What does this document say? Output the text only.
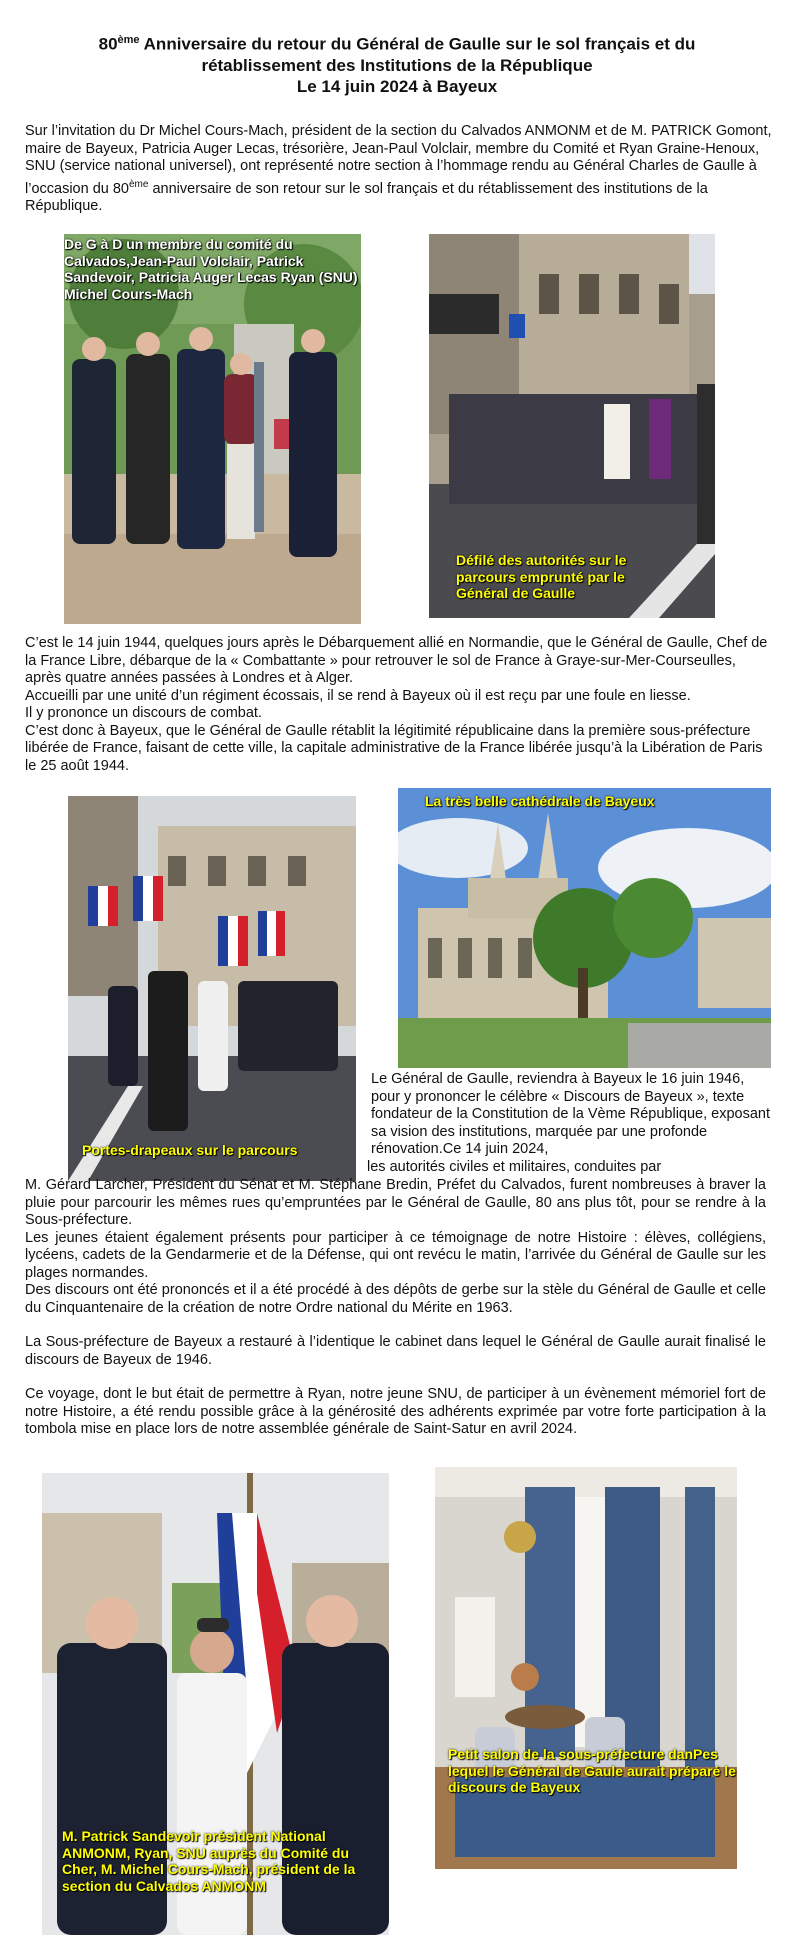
80ème Anniversaire du retour du Général de Gaulle sur le sol français et du
rétablissement des Institutions de la République
Le 14 juin 2024 à Bayeux

Sur l’invitation du Dr Michel Cours-Mach, président de la section du Calvados ANMONM et de M. PATRICK Gomont, maire de Bayeux, Patricia Auger Lecas, trésorière, Jean-Paul Volclair, membre du Comité et Ryan Graine-Henoux, SNU (service national universel), ont représenté notre section à l’hommage rendu au Général Charles de Gaulle à l’occasion du 80ème anniversaire de son retour sur le sol français et du rétablissement des institutions de la République.

De G à D un membre du comité du Calvados,Jean-Paul Volclair, Patrick Sandevoir, Patricia Auger Lecas Ryan (SNU) Michel Cours-Mach
Défilé des autorités sur le parcours emprunté par le Général de Gaulle
C’est le 14 juin 1944, quelques jours après le Débarquement allié en Normandie, que le Général de Gaulle, Chef de la France Libre, débarque de la « Combattante » pour retrouver le sol de France à Graye-sur-Mer-Courseulles, après quatre années passées à Londres et à Alger.
Accueilli par une unité d’un régiment écossais, il se rend à Bayeux où il est reçu par une foule en liesse.
Il y prononce un discours de combat.
C’est donc à Bayeux, que le Général de Gaulle rétablit la légitimité républicaine dans la première sous-préfecture libérée de France, faisant de cette ville, la capitale administrative de la France libérée jusqu’à la Libération de Paris le 25 août 1944.
Portes-drapeaux sur le parcours
La très belle cathédrale de Bayeux
Le Général de Gaulle, reviendra à Bayeux le 16 juin 1946, pour y prononcer le célèbre « Discours de Bayeux », texte fondateur de la Constitution de la Vème République, exposant sa vision des institutions, marquée par une profonde rénovation.Ce 14 juin 2024,
les autorités civiles et militaires, conduites par
M. Gérard Larcher, Président du Sénat et M. Stéphane Bredin, Préfet du Calvados, furent nombreuses à braver la pluie pour parcourir les mêmes rues qu’empruntées par le Général de Gaulle, 80 ans plus tôt, pour se rendre à la Sous-préfecture.
Les jeunes étaient également présents pour participer à ce témoignage de notre Histoire : élèves, collégiens, lycéens, cadets de la Gendarmerie et de la Défense, qui ont revécu le matin, l’arrivée du Général de Gaulle sur les plages normandes.
Des discours ont été prononcés et il a été procédé à des dépôts de gerbe sur la stèle du Général de Gaulle et celle du Cinquantenaire de la création de notre Ordre national du Mérite en 1963.
La Sous-préfecture de Bayeux a restauré à l’identique le cabinet dans lequel le Général de Gaulle aurait finalisé le discours de Bayeux de 1946.
Ce voyage, dont le but était de permettre à Ryan, notre jeune SNU, de participer à un évènement mémoriel fort de notre Histoire, a été rendu possible grâce à la générosité des adhérents exprimée par votre forte participation à la tombola mise en place lors de notre assemblée générale de Saint-Satur en avril 2024.
M. Patrick Sandevoir président National ANMONM, Ryan, SNU auprès du Comité du Cher, M. Michel Cours-Mach, président de la section du Calvados ANMONM
Petit salon de la sous-préfecture danPes lequel le Général de Gaule aurait préparé le discours de Bayeux
